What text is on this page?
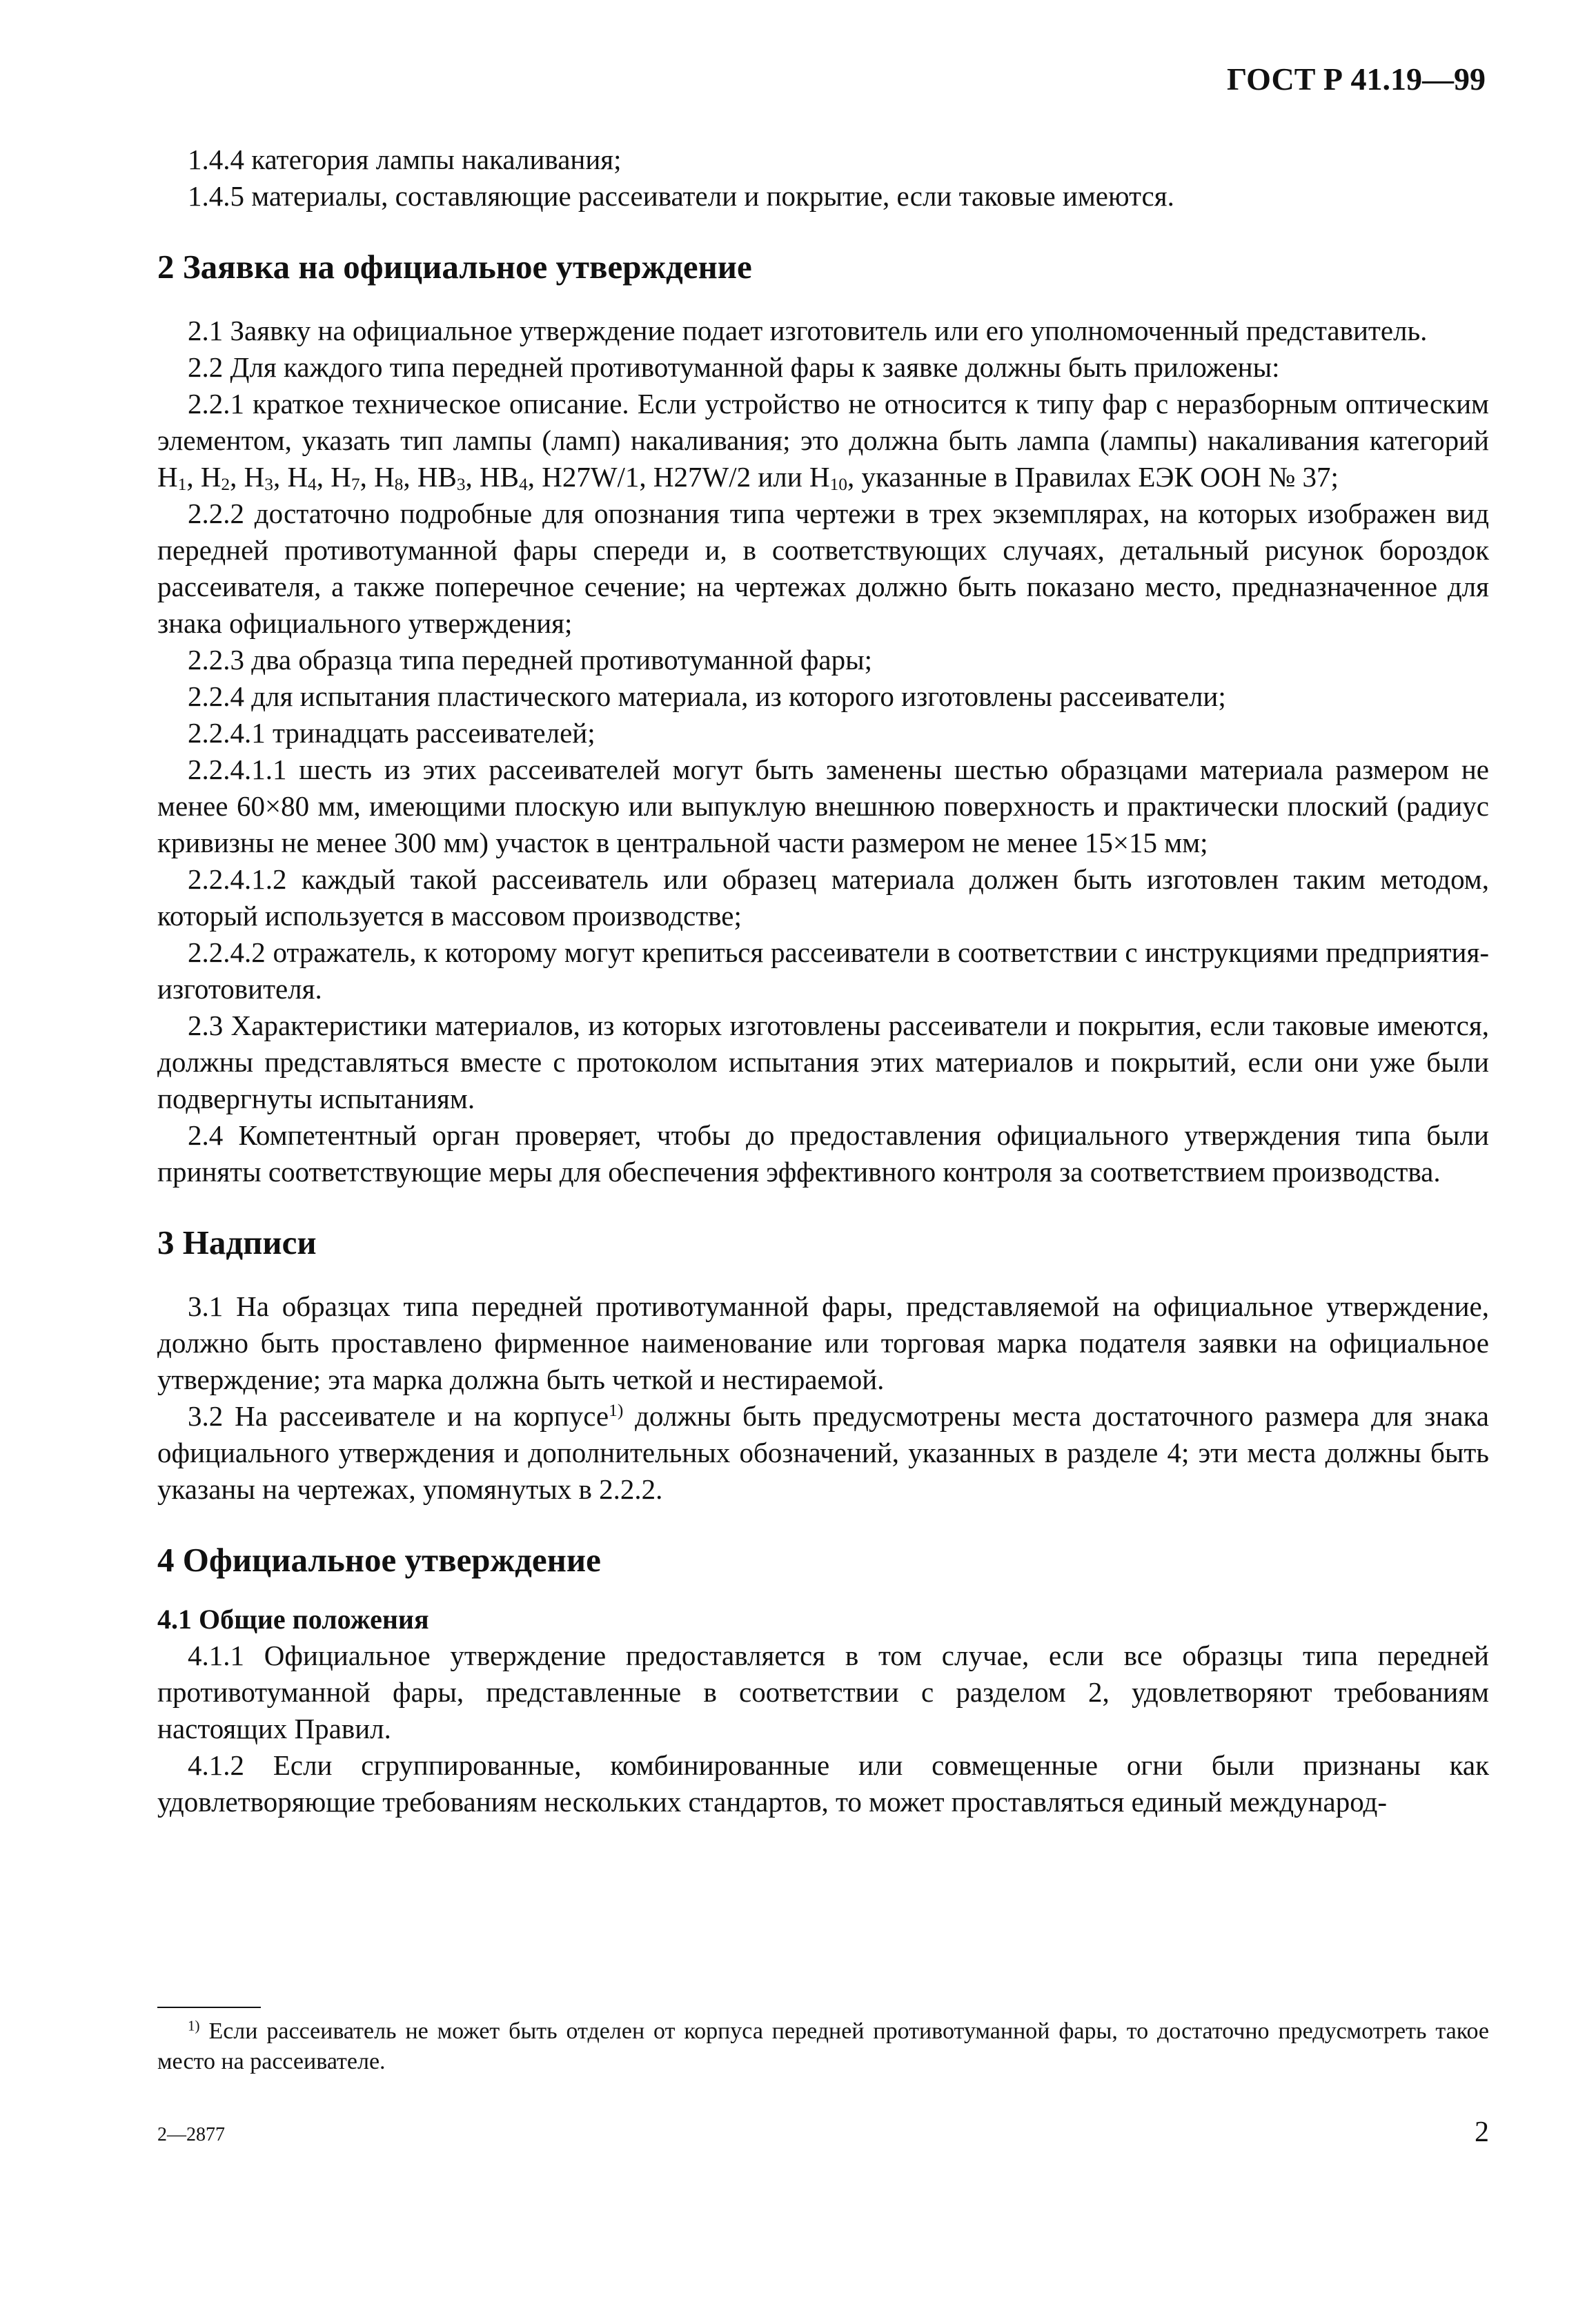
ГОСТ Р 41.19—99

1.4.4 категория лампы накаливания;

1.4.5 материалы, составляющие рассеиватели и покрытие, если таковые имеются.

2 Заявка на официальное утверждение

2.1 Заявку на официальное утверждение подает изготовитель или его уполномоченный представитель.

2.2 Для каждого типа передней противотуманной фары к заявке должны быть приложены:

2.2.1 краткое техническое описание. Если устройство не относится к типу фар с неразборным оптическим элементом, указать тип лампы (ламп) накаливания; это должна быть лампа (лампы) накаливания категорий H1, H2, H3, H4, H7, H8, HB3, HB4, H27W/1, H27W/2 или H10, указанные в Правилах ЕЭК ООН № 37;

2.2.2 достаточно подробные для опознания типа чертежи в трех экземплярах, на которых изображен вид передней противотуманной фары спереди и, в соответствующих случаях, детальный рисунок бороздок рассеивателя, а также поперечное сечение; на чертежах должно быть показано место, предназначенное для знака официального утверждения;

2.2.3 два образца типа передней противотуманной фары;

2.2.4 для испытания пластического материала, из которого изготовлены рассеиватели;

2.2.4.1 тринадцать рассеивателей;

2.2.4.1.1 шесть из этих рассеивателей могут быть заменены шестью образцами материала размером не менее 60×80 мм, имеющими плоскую или выпуклую внешнюю поверхность и практически плоский (радиус кривизны не менее 300 мм) участок в центральной части размером не менее 15×15 мм;

2.2.4.1.2 каждый такой рассеиватель или образец материала должен быть изготовлен таким методом, который используется в массовом производстве;

2.2.4.2 отражатель, к которому могут крепиться рассеиватели в соответствии с инструкциями предприятия-изготовителя.

2.3 Характеристики материалов, из которых изготовлены рассеиватели и покрытия, если таковые имеются, должны представляться вместе с протоколом испытания этих материалов и покрытий, если они уже были подвергнуты испытаниям.

2.4 Компетентный орган проверяет, чтобы до предоставления официального утверждения типа были приняты соответствующие меры для обеспечения эффективного контроля за соответствием производства.

3 Надписи

3.1 На образцах типа передней противотуманной фары, представляемой на официальное утверждение, должно быть проставлено фирменное наименование или торговая марка подателя заявки на официальное утверждение; эта марка должна быть четкой и нестираемой.

3.2 На рассеивателе и на корпусе$^{1)}$ должны быть предусмотрены места достаточного размера для знака официального утверждения и дополнительных обозначений, указанных в разделе 4; эти места должны быть указаны на чертежах, упомянутых в 2.2.2.

4 Официальное утверждение
4.1 Общие положения

4.1.1 Официальное утверждение предоставляется в том случае, если все образцы типа передней противотуманной фары, представленные в соответствии с разделом 2, удовлетворяют требованиям настоящих Правил.

4.1.2 Если сгруппированные, комбинированные или совмещенные огни были признаны как удовлетворяющие требованиям нескольких стандартов, то может проставляться единый международ-

$^{1)}$ Если рассеиватель не может быть отделен от корпуса передней противотуманной фары, то достаточно предусмотреть такое место на рассеивателе.

2—2877	2
